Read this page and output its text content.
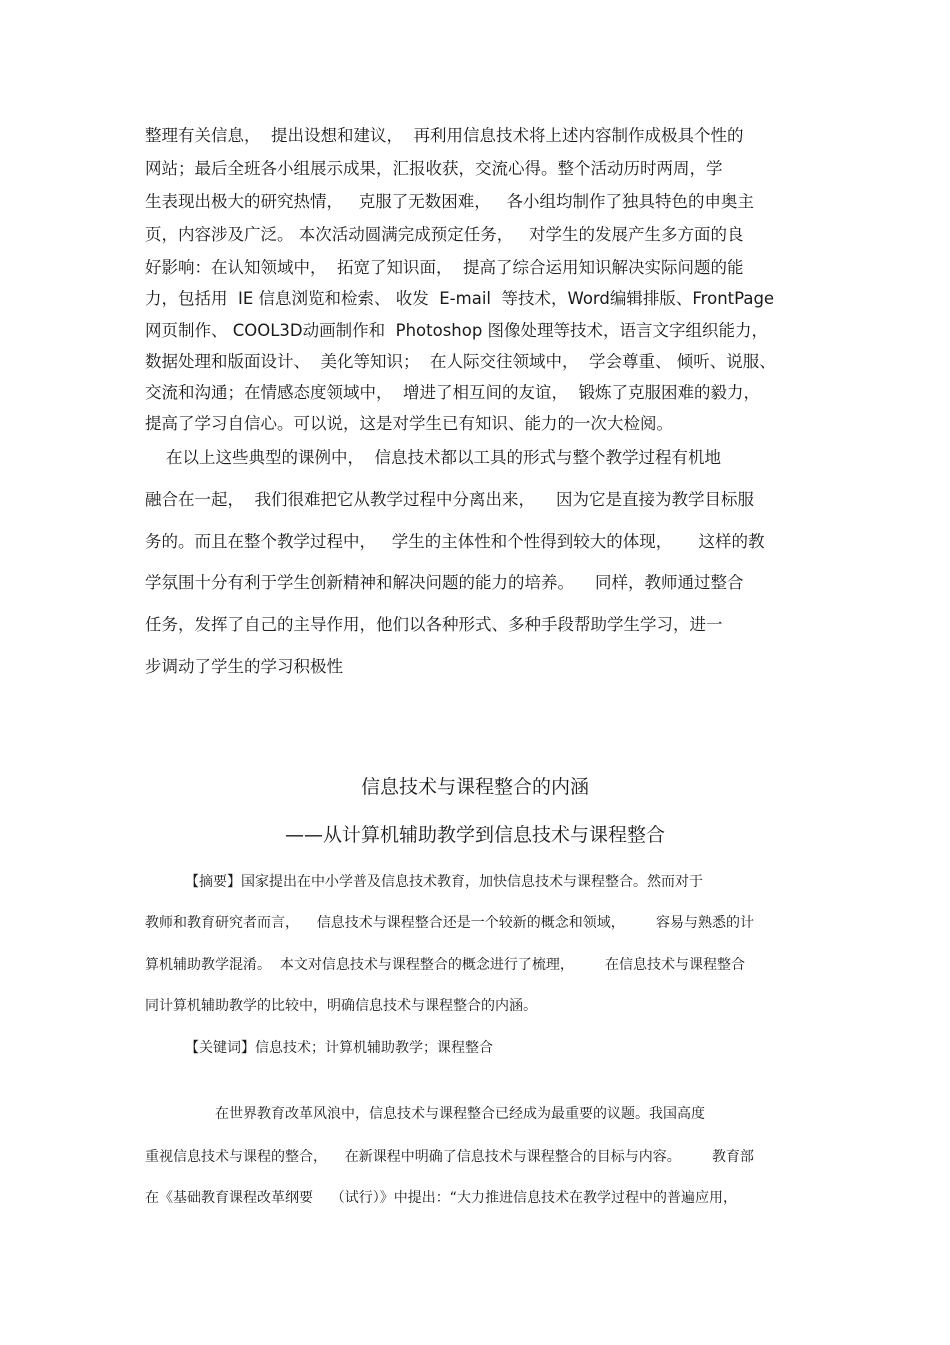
整理有关信息，  提出设想和建议，  再利用信息技术将上述内容制作成极具个性的
网站；最后全班各小组展示成果，汇报收获，交流心得。整个活动历时两周，学
生表现出极大的研究热情，   克服了无数困难，   各小组均制作了独具特色的申奥主
页，内容涉及广泛。 本次活动圆满完成预定任务，   对学生的发展产生多方面的良
好影响：在认知领域中，  拓宽了知识面，  提高了综合运用知识解决实际问题的能
力，包括用  IE 信息浏览和检索、 收发  E-mail  等技术，Word编辑排版、FrontPage
网页制作、 COOL3D动画制作和  Photoshop 图像处理等技术，语言文字组织能力，
数据处理和版面设计、  美化等知识；  在人际交往领域中，  学会尊重、 倾听、说服、
交流和沟通；在情感态度领域中，  增进了相互间的友谊，  锻炼了克服困难的毅力，
提高了学习自信心。可以说，这是对学生已有知识、能力的一次大检阅。
在以上这些典型的课例中，  信息技术都以工具的形式与整个教学过程有机地
融合在一起，  我们很难把它从教学过程中分离出来，    因为它是直接为教学目标服
务的。而且在整个教学过程中，   学生的主体性和个性得到较大的体现，     这样的教
学氛围十分有利于学生创新精神和解决问题的能力的培养。    同样，教师通过整合
任务，发挥了自己的主导作用，他们以各种形式、多种手段帮助学生学习，进一
步调动了学生的学习积极性
信息技术与课程整合的内涵
——从计算机辅助教学到信息技术与课程整合
【摘要】国家提出在中小学普及信息技术教育，加快信息技术与课程整合。然而对于
教师和教育研究者而言，    信息技术与课程整合还是一个较新的概念和领域，       容易与熟悉的计
算机辅助教学混淆。  本文对信息技术与课程整合的概念进行了梳理，       在信息技术与课程整合
同计算机辅助教学的比较中，明确信息技术与课程整合的内涵。
【关键词】信息技术；计算机辅助教学；课程整合
在世界教育改革风浪中，信息技术与课程整合已经成为最重要的议题。我国高度
重视信息技术与课程的整合，    在新课程中明确了信息技术与课程整合的目标与内容。       教育部
在《基础教育课程改革纲要    （试行）》中提出：“大力推进信息技术在教学过程中的普遍应用，
